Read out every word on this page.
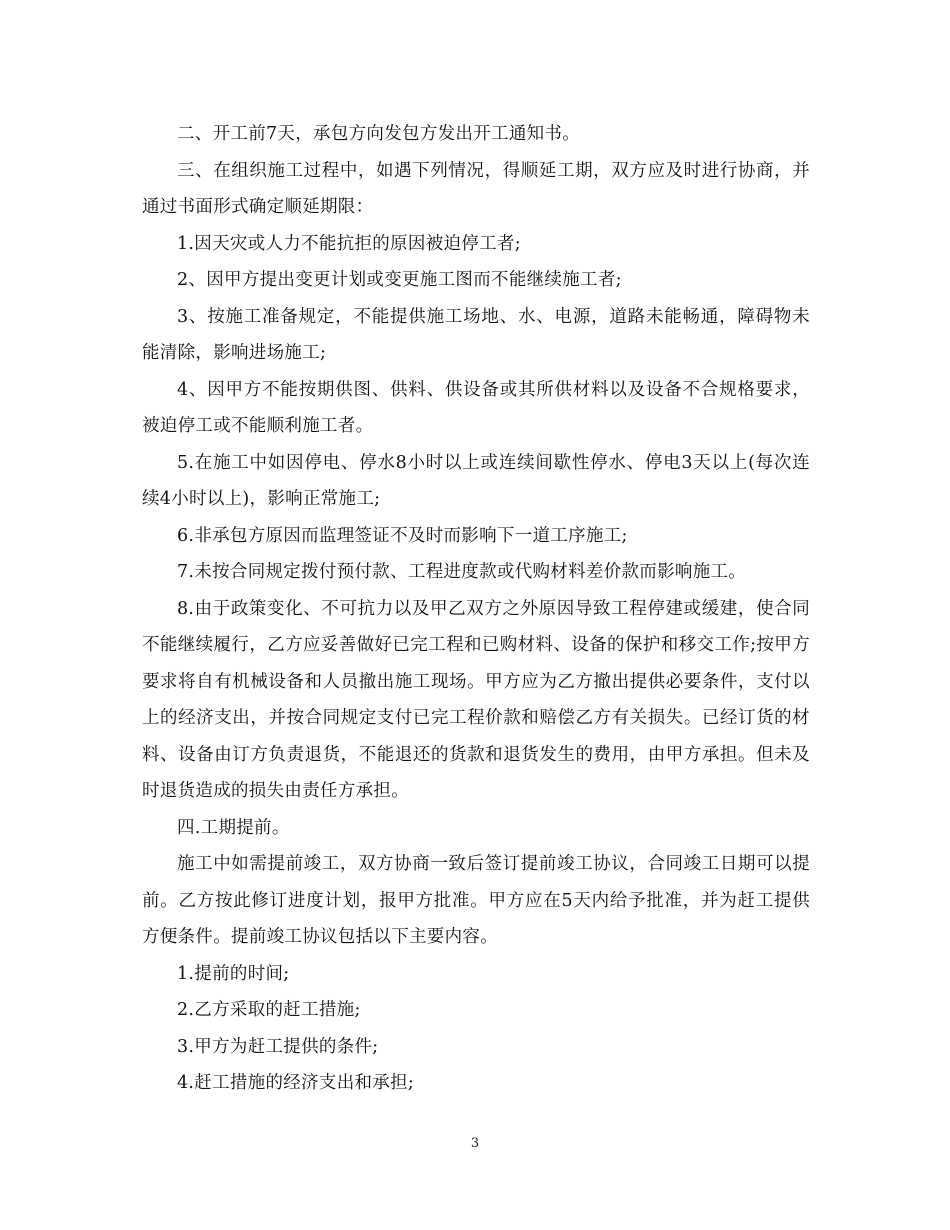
二、开工前7天，承包方向发包方发出开工通知书。

三、在组织施工过程中，如遇下列情况，得顺延工期，双方应及时进行协商，并通过书面形式确定顺延期限：

1.因天灾或人力不能抗拒的原因被迫停工者;

2、因甲方提出变更计划或变更施工图而不能继续施工者;

3、按施工准备规定，不能提供施工场地、水、电源，道路未能畅通，障碍物未能清除，影响进场施工;

4、因甲方不能按期供图、供料、供设备或其所供材料以及设备不合规格要求，被迫停工或不能顺利施工者。

5.在施工中如因停电、停水8小时以上或连续间歇性停水、停电3天以上(每次连续4小时以上)，影响正常施工;

6.非承包方原因而监理签证不及时而影响下一道工序施工;

7.未按合同规定拨付预付款、工程进度款或代购材料差价款而影响施工。

8.由于政策变化、不可抗力以及甲乙双方之外原因导致工程停建或缓建，使合同不能继续履行，乙方应妥善做好已完工程和已购材料、设备的保护和移交工作;按甲方要求将自有机械设备和人员撤出施工现场。甲方应为乙方撤出提供必要条件，支付以上的经济支出，并按合同规定支付已完工程价款和赔偿乙方有关损失。已经订货的材料、设备由订方负责退货，不能退还的货款和退货发生的费用，由甲方承担。但未及时退货造成的损失由责任方承担。

四.工期提前。

施工中如需提前竣工，双方协商一致后签订提前竣工协议，合同竣工日期可以提前。乙方按此修订进度计划，报甲方批准。甲方应在5天内给予批准，并为赶工提供方便条件。提前竣工协议包括以下主要内容。

1.提前的时间;

2.乙方采取的赶工措施;

3.甲方为赶工提供的条件;

4.赶工措施的经济支出和承担;

3
